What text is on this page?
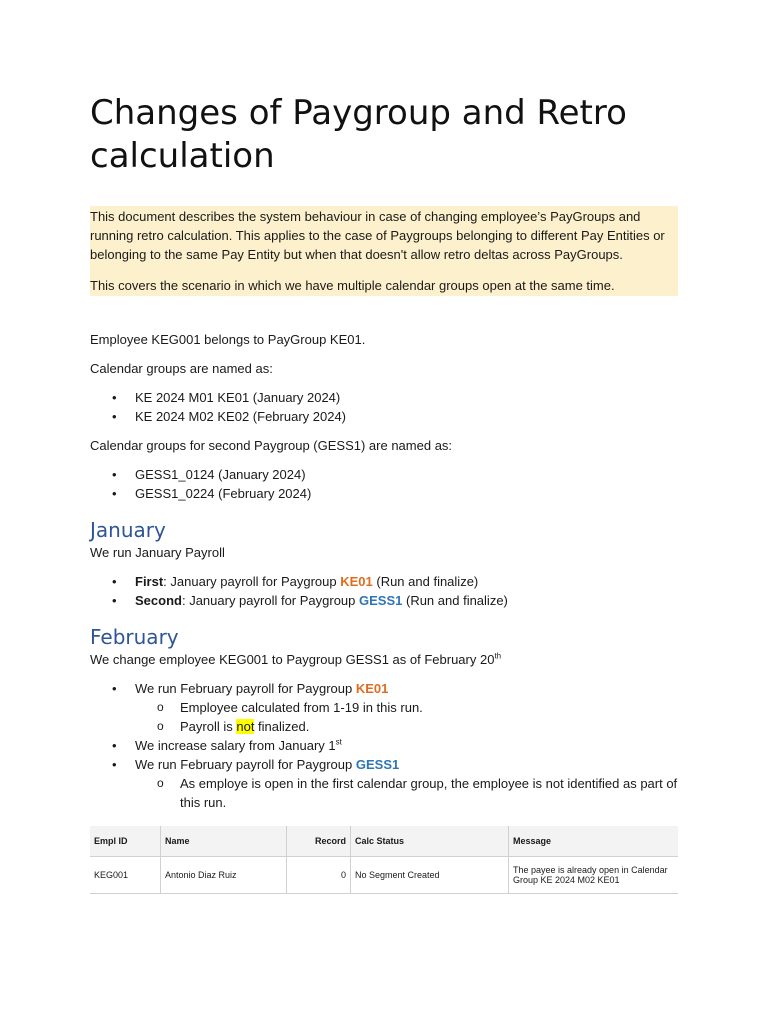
Changes of Paygroup and Retro calculation

This document describes the system behaviour in case of changing employee’s PayGroups and running retro calculation. This applies to the case of Paygroups belonging to different Pay Entities or belonging to the same Pay Entity but when that doesn't allow retro deltas across PayGroups.

This covers the scenario in which we have multiple calendar groups open at the same time.

Employee KEG001 belongs to PayGroup KE01.

Calendar groups are named as:

• KE 2024 M01 KE01 (January 2024)
• KE 2024 M02 KE02 (February 2024)

Calendar groups for second Paygroup (GESS1) are named as:

• GESS1_0124 (January 2024)
• GESS1_0224 (February 2024)
January

We run January Payroll

• First: January payroll for Paygroup KE01 (Run and finalize)
• Second: January payroll for Paygroup GESS1 (Run and finalize)
February

We change employee KEG001 to Paygroup GESS1 as of February 20th

• We run February payroll for Paygroup KE01
o Employee calculated from 1-19 in this run.
o Payroll is not finalized.
• We increase salary from January 1st
• We run February payroll for Paygroup GESS1
o As employe is open in the first calendar group, the employee is not identified as part of this run.
Empl ID	Name	Record	Calc Status	Message
KEG001	Antonio Diaz Ruiz	0	No Segment Created	The payee is already open in Calendar Group KE 2024 M02 KE01
